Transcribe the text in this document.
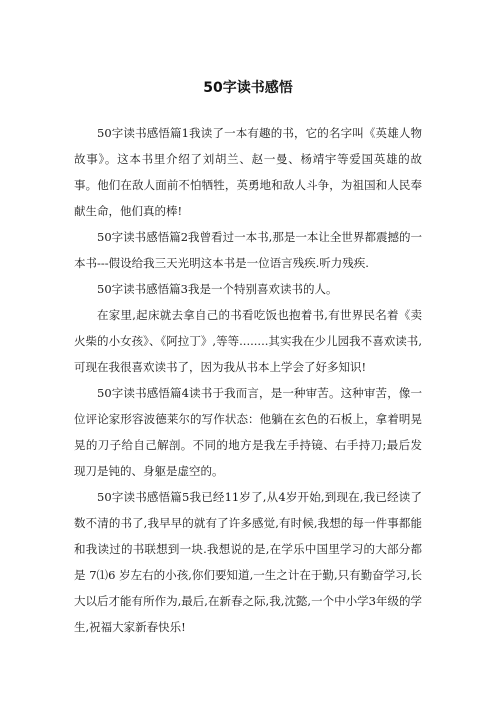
50字读书感悟

50字读书感悟篇1我读了一本有趣的书，它的名字叫《英雄人物故事》。这本书里介绍了刘胡兰、赵一曼、杨靖宇等爱国英雄的故事。他们在敌人面前不怕牺牲，英勇地和敌人斗争，为祖国和人民奉献生命，他们真的棒!

50字读书感悟篇2我曾看过一本书,那是一本让全世界都震撼的一本书---假设给我三天光明这本书是一位语言残疾.听力残疾.

50字读书感悟篇3我是一个特别喜欢读书的人。

在家里,起床就去拿自己的书看吃饭也抱着书,有世界民名着《卖火柴的小女孩》、《阿拉丁》,等等........其实我在少儿园我不喜欢读书,可现在我很喜欢读书了，因为我从书本上学会了好多知识!

50字读书感悟篇4读书于我而言，是一种审苦。这种审苦，像一位评论家形容波德莱尔的写作状态：他躺在玄色的石板上，拿着明晃晃的刀子给自己解剖。不同的地方是我左手持镜、右手持刀;最后发现刀是钝的、身躯是虚空的。

50字读书感悟篇5我已经11岁了,从4岁开始,到现在,我已经读了数不清的书了,我早早的就有了许多感觉,有时候,我想的每一件事都能和我读过的书联想到一块.我想说的是,在学乐中国里学习的大部分都是 7⑴6 岁左右的小孩,你们要知道,一生之计在于勤,只有勤奋学习,长大以后才能有所作为,最后,在新春之际,我,沈懿,一个中小学3年级的学生,祝福大家新春快乐!
